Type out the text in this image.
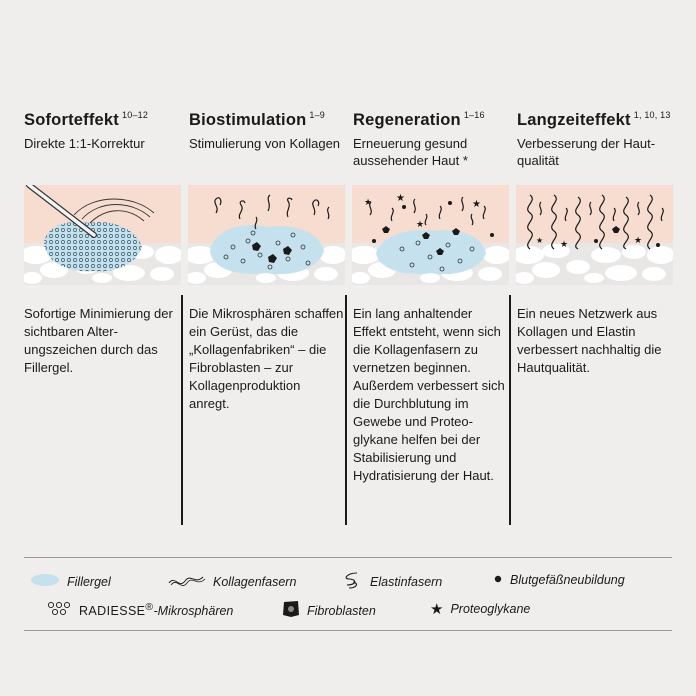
Soforteffekt $^{10-12}$
Direkte 1:1-Korrektur
Biostimulation $^{1-9}$
Stimulierung von Kollagen
Regeneration $^{1-16}$
Erneuerung gesund aussehender Haut *
Langzeiteffekt $^{1, 10, 13}$
Verbesserung der Hautqualität
★
★
★
★
★	★
★
Sofortige Minimierung der sichtbaren Alterungszeichen durch das Fillergel.
Die Mikrosphären schaffen ein Gerüst, das die „Kollagenfabriken“ – die Fibroblasten – zur Kollagenproduktion anregt.
Ein lang anhaltender Effekt entsteht, wenn sich die Kollagenfasern zu vernetzen beginnen. Außerdem verbessert sich die Durchblutung im Gewebe und Proteoglykane helfen bei der Stabilisierung und Hydratisierung der Haut.
Ein neues Netzwerk aus Kollagen und Elastin verbessert nachhaltig die Hautqualität.
Fillergel	Kollagenfasern	Elastinfasern	Blutgefäßneubildung
RADIESSE®-Mikrosphären	Fibroblasten	★ Proteoglykane
